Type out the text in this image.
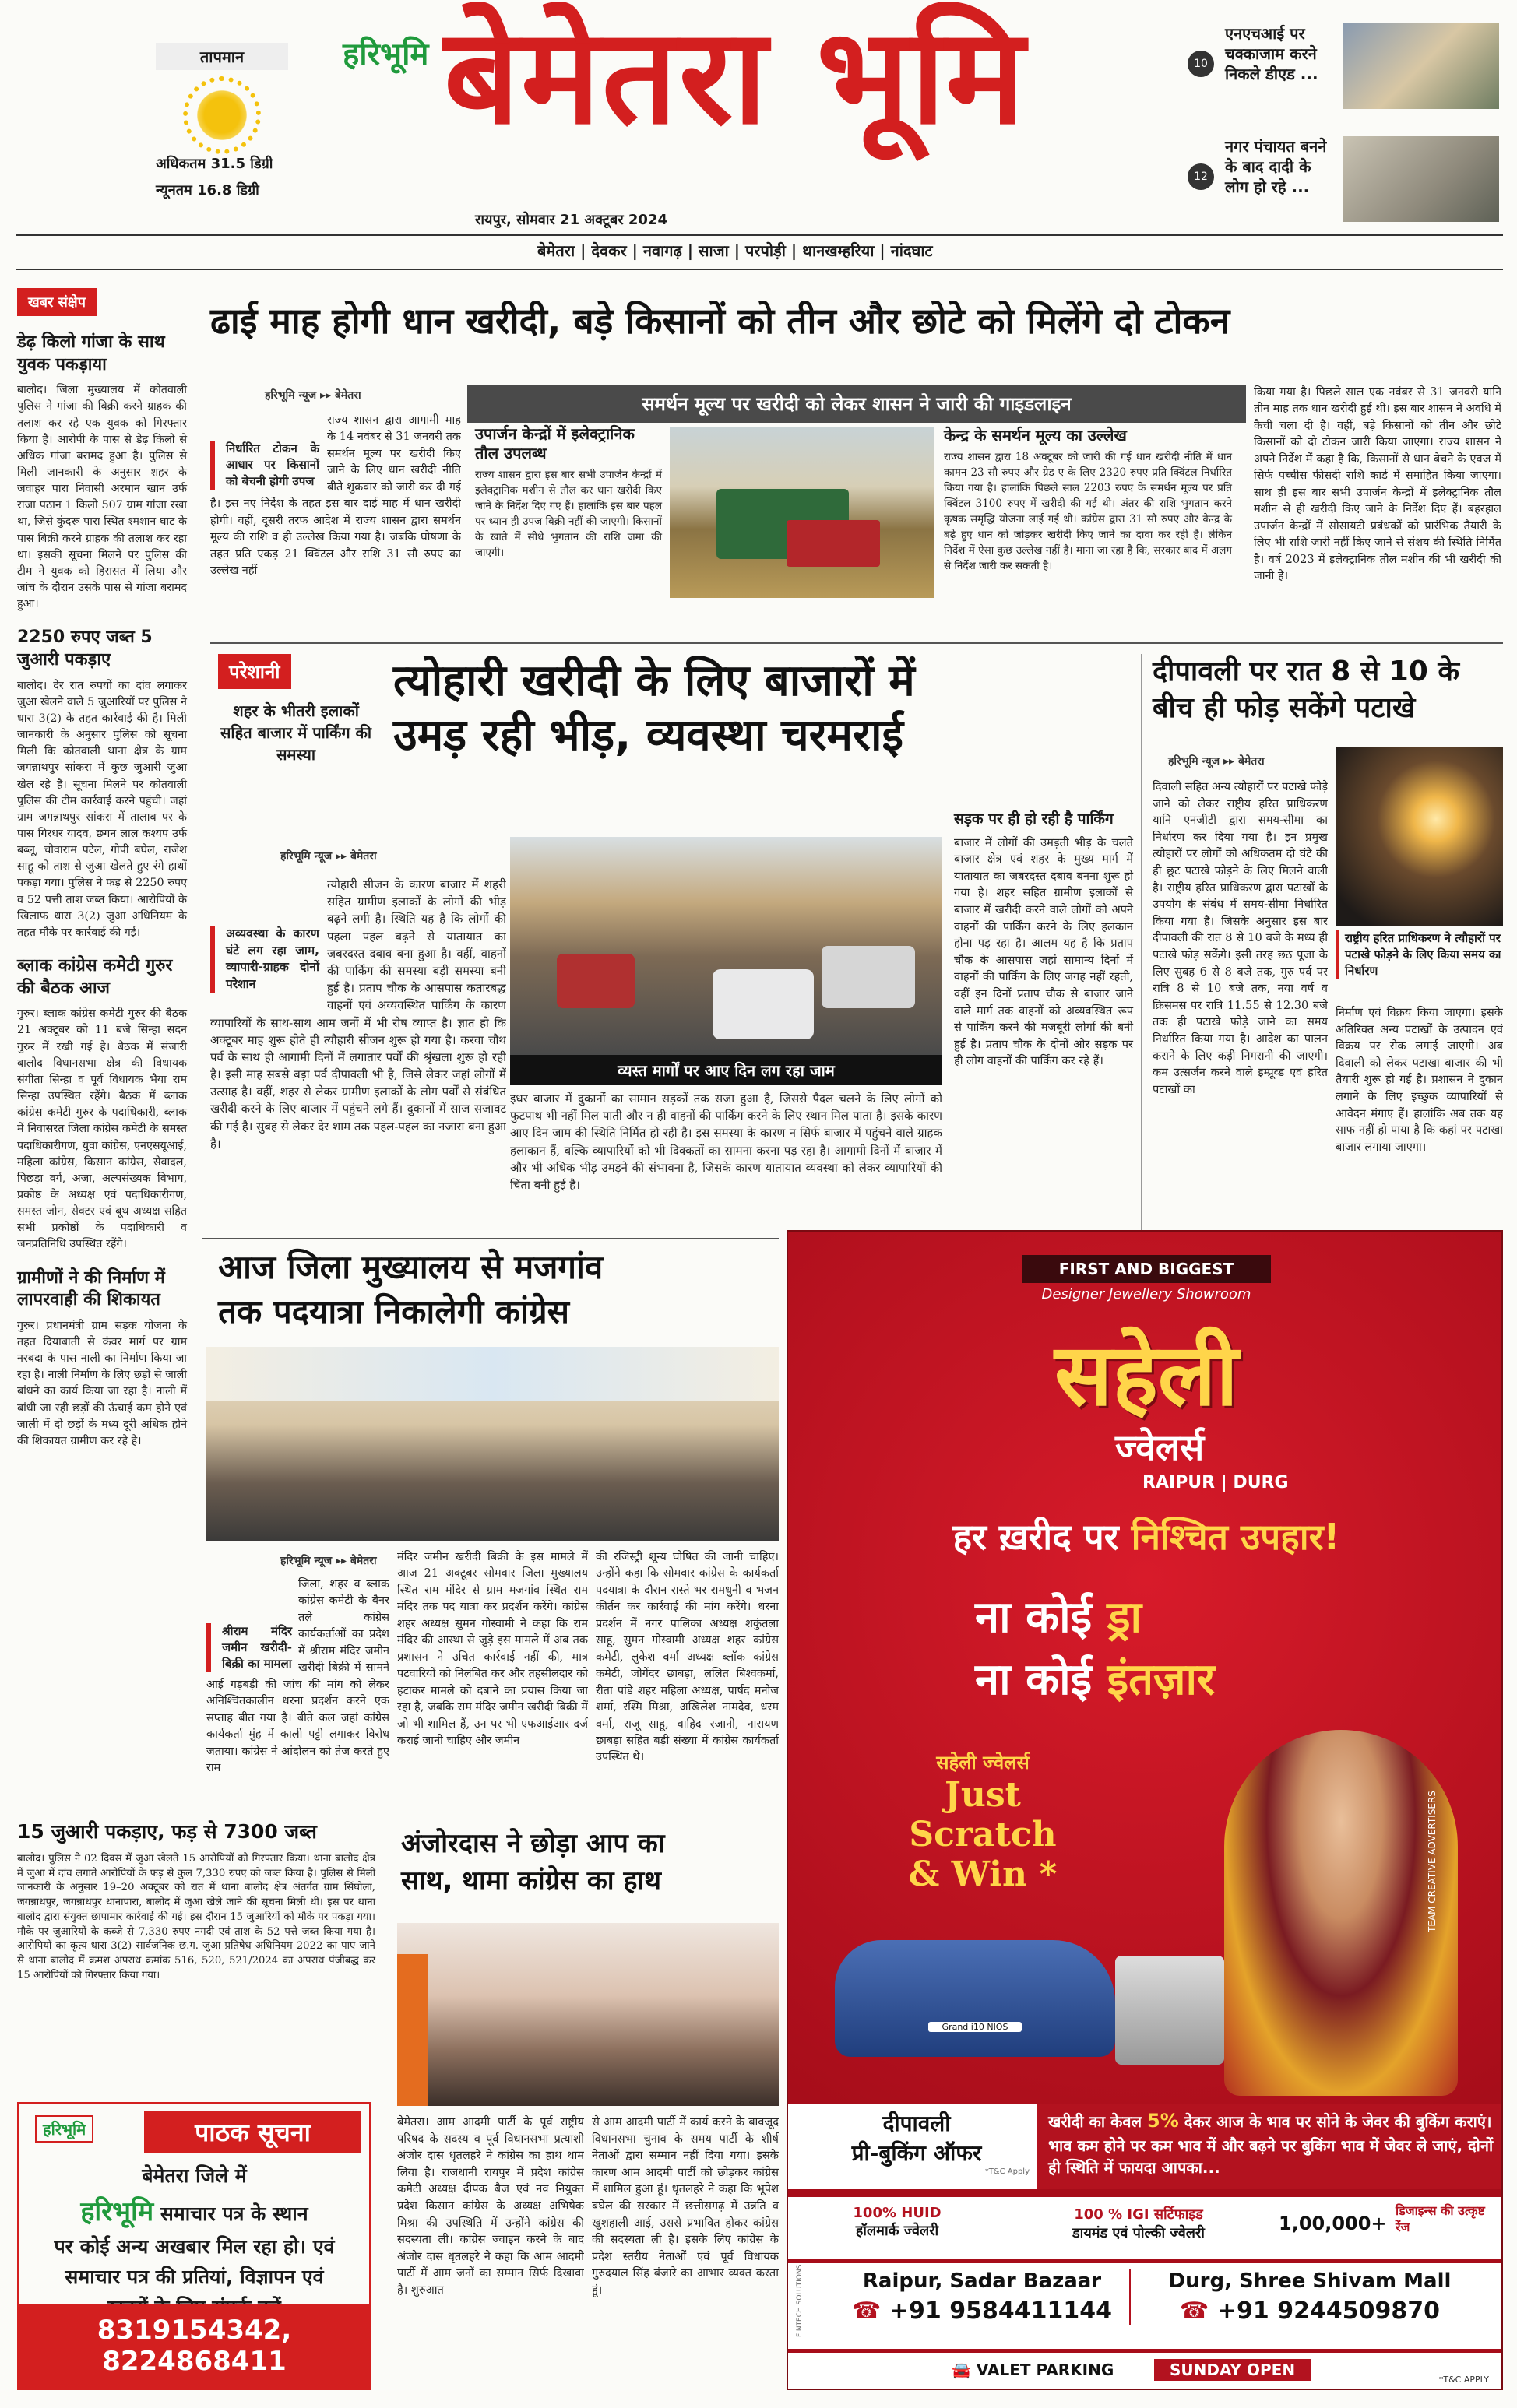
तापमान
अधिकतम 31.5 डिग्री
न्यूनतम 16.8 डिग्री
हरिभूमि बेमेतरा भूमि
रायपुर, सोमवार 21 अक्टूबर 2024
बेमेतरा | देवकर | नवागढ़ | साजा | परपोड़ी | थानखम्हरिया | नांदघाट
10
एनएचआई पर चक्काजाम करने निकले डीएड ...
12
नगर पंचायत बनने के बाद दादी के लोग हो रहे ...
खबर संक्षेप
डेढ़ किलो गांजा के साथ युवक पकड़ाया
बालोद। जिला मुख्यालय में कोतवाली पुलिस ने गांजा की बिक्री करने ग्राहक की तलाश कर रहे एक युवक को गिरफ्तार किया है। आरोपी के पास से डेढ़ किलो से अधिक गांजा बरामद हुआ है। पुलिस से मिली जानकारी के अनुसार शहर के जवाहर पारा निवासी अरमान खान उर्फ राजा पठान 1 किलो 507 ग्राम गांजा रखा था, जिसे कुंदरू पारा स्थित श्मशान घाट के पास बिक्री करने ग्राहक की तलाश कर रहा था। इसकी सूचना मिलने पर पुलिस की टीम ने युवक को हिरासत में लिया और जांच के दौरान उसके पास से गांजा बरामद हुआ।
2250 रुपए जब्त 5 जुआरी पकड़ाए
बालोद। देर रात रुपयों का दांव लगाकर जुआ खेलने वाले 5 जुआरियों पर पुलिस ने धारा 3(2) के तहत कार्रवाई की है। मिली जानकारी के अनुसार पुलिस को सूचना मिली कि कोतवाली थाना क्षेत्र के ग्राम जगन्नाथपुर सांकरा में कुछ जुआरी जुआ खेल रहे है। सूचना मिलने पर कोतवाली पुलिस की टीम कार्रवाई करने पहुंची। जहां ग्राम जगन्नाथपुर सांकरा में तालाब पर के पास गिरधर यादव, छगन लाल कश्यप उर्फ बब्लू, चोवाराम पटेल, गोपी बघेल, राजेश साहू को ताश से जुआ खेलते हुए रंगे हाथों पकड़ा गया। पुलिस ने फड़ से 2250 रुपए व 52 पत्ती ताश जब्त किया। आरोपियों के खिलाफ धारा 3(2) जुआ अधिनियम के तहत मौके पर कार्रवाई की गई।
ब्लाक कांग्रेस कमेटी गुरुर की बैठक आज
गुरुर। ब्लाक कांग्रेस कमेटी गुरुर की बैठक 21 अक्टूबर को 11 बजे सिन्हा सदन गुरुर में रखी गई है। बैठक में संजारी बालोद विधानसभा क्षेत्र की विधायक संगीता सिन्हा व पूर्व विधायक भैया राम सिन्हा उपस्थित रहेंगे। बैठक में ब्लाक कांग्रेस कमेटी गुरुर के पदाधिकारी, ब्लाक में निवासरत जिला कांग्रेस कमेटी के समस्त पदाधिकारीगण, युवा कांग्रेस, एनएसयूआई, महिला कांग्रेस, किसान कांग्रेस, सेवादल, पिछड़ा वर्ग, अजा, अल्पसंख्यक विभाग, प्रकोष्ठ के अध्यक्ष एवं पदाधिकारीगण, समस्त जोन, सेक्टर एवं बूथ अध्यक्ष सहित सभी प्रकोष्ठों के पदाधिकारी व जनप्रतिनिधि उपस्थित रहेंगे।
ग्रामीणों ने की निर्माण में लापरवाही की शिकायत
गुरुर। प्रधानमंत्री ग्राम सड़क योजना के तहत दियाबाती से कंवर मार्ग पर ग्राम नरबदा के पास नाली का निर्माण किया जा रहा है। नाली निर्माण के लिए छड़ों से जाली बांधने का कार्य किया जा रहा है। नाली में बांधी जा रही छड़ों की ऊंचाई कम होने एवं जाली में दो छड़ों के मध्य दूरी अधिक होने की शिकायत ग्रामीण कर रहे है।
ढाई माह होगी धान खरीदी, बड़े किसानों को तीन और छोटे को मिलेंगे दो टोकन
समर्थन मूल्य पर खरीदी को लेकर शासन ने जारी की गाइडलाइन
हरिभूमि न्यूज ▸▸ बेमेतरा
निर्धारित टोकन के आधार पर किसानों को बेचनी होगी उपज
राज्य शासन द्वारा आगामी माह के 14 नवंबर से 31 जनवरी तक समर्थन मूल्य पर खरीदी किए जाने के लिए धान खरीदी नीति बीते शुक्रवार को जारी कर दी गई है। इस नए निर्देश के तहत इस बार दाई माह में धान खरीदी होगी। वहीं, दूसरी तरफ आदेश में राज्य शासन द्वारा समर्थन मूल्य की राशि व ही उल्लेख किया गया है। जबकि घोषणा के तहत प्रति एकड़ 21 क्विंटल और राशि 31 सौ रुपए का उल्लेख नहीं
उपार्जन केन्द्रों में इलेक्ट्रानिक तौल उपलब्ध
राज्य शासन द्वारा इस बार सभी उपार्जन केन्द्रों में इलेक्ट्रानिक मशीन से तौल कर धान खरीदी किए जाने के निर्देश दिए गए हैं। हालांकि इस बार पहल पर ध्यान ही उपज बिक्री नहीं की जाएगी। किसानों के खाते में सीधे भुगतान की राशि जमा की जाएगी।
केन्द्र के समर्थन मूल्य का उल्लेख
राज्य शासन द्वारा 18 अक्टूबर को जारी की गई धान खरीदी नीति में धान कामन 23 सौ रुपए और ग्रेड ए के लिए 2320 रुपए प्रति क्विंटल निर्धारित किया गया है। हालांकि पिछले साल 2203 रुपए के समर्थन मूल्य पर प्रति क्विंटल 3100 रुपए में खरीदी की गई थी। अंतर की राशि भुगतान करने कृषक समृद्धि योजना लाई गई थी। कांग्रेस द्वारा 31 सौ रुपए और केन्द्र के बढ़े हुए धान को जोड़कर खरीदी किए जाने का दावा कर रही है। लेकिन निर्देश में ऐसा कुछ उल्लेख नहीं है। माना जा रहा है कि, सरकार बाद में अलग से निर्देश जारी कर सकती है।
किया गया है। पिछले साल एक नवंबर से 31 जनवरी यानि तीन माह तक धान खरीदी हुई थी। इस बार शासन ने अवधि में कैची चला दी है। वहीं, बड़े किसानों को तीन और छोटे किसानों को दो टोकन जारी किया जाएगा। राज्य शासन ने अपने निर्देश में कहा है कि, किसानों से धान बेचने के एवज में सिर्फ पच्चीस फीसदी राशि कार्ड में समाहित किया जाएगा। साथ ही इस बार सभी उपार्जन केन्द्रों में इलेक्ट्रानिक तौल मशीन से ही खरीदी किए जाने के निर्देश दिए हैं। बहरहाल उपार्जन केन्द्रों में सोसायटी प्रबंधकों को प्रारंभिक तैयारी के लिए भी राशि जारी नहीं किए जाने से संशय की स्थिति निर्मित है। वर्ष 2023 में इलेक्ट्रानिक तौल मशीन की भी खरीदी की जानी है।
परेशानी
शहर के भीतरी इलाकों सहित बाजार में पार्किंग की समस्या
त्योहारी खरीदी के लिए बाजारों में
उमड़ रही भीड़, व्यवस्था चरमराई
हरिभूमि न्यूज ▸▸ बेमेतरा
अव्यवस्था के कारण घंटे लग रहा जाम, व्यापारी-ग्राहक दोनों परेशान
त्योहारी सीजन के कारण बाजार में शहरी सहित ग्रामीण इलाकों के लोगों की भीड़ बढ़ने लगी है। स्थिति यह है कि लोगों की पहला पहल बढ़ने से यातायात का जबरदस्त दबाव बना हुआ है। वहीं, वाहनों की पार्किंग की समस्या बड़ी समस्या बनी हुई है। प्रताप चौक के आसपास कतारबद्ध वाहनों एवं अव्यवस्थित पार्किंग के कारण व्यापारियों के साथ-साथ आम जनों में भी रोष व्याप्त है। ज्ञात हो कि अक्टूबर माह शुरू होते ही त्यौहारी सीजन शुरू हो गया है। करवा चौथ पर्व के साथ ही आगामी दिनों में लगातार पर्वों की श्रृंखला शुरू हो रही है। इसी माह सबसे बड़ा पर्व दीपावली भी है, जिसे लेकर जहां लोगों में उत्साह है। वहीं, शहर से लेकर ग्रामीण इलाकों के लोग पर्वों से संबंधित खरीदी करने के लिए बाजार में पहुंचने लगे हैं। दुकानों में साज सजावट की गई है। सुबह से लेकर देर शाम तक पहल-पहल का नजारा बना हुआ है।
व्यस्त मार्गों पर आए दिन लग रहा जाम
इधर बाजार में दुकानों का सामान सड़कों तक सजा हुआ है, जिससे पैदल चलने के लिए लोगों को फुटपाथ भी नहीं मिल पाती और न ही वाहनों की पार्किंग करने के लिए स्थान मिल पाता है। इसके कारण आए दिन जाम की स्थिति निर्मित हो रही है। इस समस्या के कारण न सिर्फ बाजार में पहुंचने वाले ग्राहक हलाकान हैं, बल्कि व्यापारियों को भी दिक्कतों का सामना करना पड़ रहा है। आगामी दिनों में बाजार में और भी अधिक भीड़ उमड़ने की संभावना है, जिसके कारण यातायात व्यवस्था को लेकर व्यापारियों की चिंता बनी हुई है।
सड़क पर ही हो रही है पार्किंग
बाजार में लोगों की उमड़ती भीड़ के चलते बाजार क्षेत्र एवं शहर के मुख्य मार्ग में यातायात का जबरदस्त दबाव बनना शुरू हो गया है। शहर सहित ग्रामीण इलाकों से बाजार में खरीदी करने वाले लोगों को अपने वाहनों की पार्किंग करने के लिए हलकान होना पड़ रहा है। आलम यह है कि प्रताप चौक के आसपास जहां सामान्य दिनों में वाहनों की पार्किंग के लिए जगह नहीं रहती, वहीं इन दिनों प्रताप चौक से बाजार जाने वाले मार्ग तक वाहनों को अव्यवस्थित रूप से पार्किंग करने की मजबूरी लोगों की बनी हुई है। प्रताप चौक के दोनों ओर सड़क पर ही लोग वाहनों की पार्किंग कर रहे हैं।
दीपावली पर रात 8 से 10 के बीच ही फोड़ सकेंगे पटाखे
हरिभूमि न्यूज ▸▸ बेमेतरा
दिवाली सहित अन्य त्यौहारों पर पटाखे फोड़े जाने को लेकर राष्ट्रीय हरित प्राधिकरण यानि एनजीटी द्वारा समय-सीमा का निर्धारण कर दिया गया है। इन प्रमुख त्यौहारों पर लोगों को अधिकतम दो घंटे की ही छूट पटाखे फोड़ने के लिए मिलने वाली है। राष्ट्रीय हरित प्राधिकरण द्वारा पटाखों के उपयोग के संबंध में समय-सीमा निर्धारित किया गया है। जिसके अनुसार इस बार दीपावली की रात 8 से 10 बजे के मध्य ही पटाखे फोड़ सकेंगे। इसी तरह छठ पूजा के लिए सुबह 6 से 8 बजे तक, गुरु पर्व पर रात्रि 8 से 10 बजे तक, नया वर्ष व क्रिसमस पर रात्रि 11.55 से 12.30 बजे तक ही पटाखे फोड़े जाने का समय निर्धारित किया गया है। आदेश का पालन कराने के लिए कड़ी निगरानी की जाएगी। कम उत्सर्जन करने वाले इम्प्रूव्ड एवं हरित पटाखों का
राष्ट्रीय हरित प्राधिकरण ने त्यौहारों पर पटाखे फोड़ने के लिए किया समय का निर्धारण
निर्माण एवं विक्रय किया जाएगा। इसके अतिरिक्त अन्य पटाखों के उत्पादन एवं विक्रय पर रोक लगाई जाएगी। अब दिवाली को लेकर पटाखा बाजार की भी तैयारी शुरू हो गई है। प्रशासन ने दुकान लगाने के लिए इच्छुक व्यापारियों से आवेदन मंगाए हैं। हालांकि अब तक यह साफ नहीं हो पाया है कि कहां पर पटाखा बाजार लगाया जाएगा।
आज जिला मुख्यालय से मजगांव
तक पदयात्रा निकालेगी कांग्रेस
हरिभूमि न्यूज ▸▸ बेमेतरा
श्रीराम मंदिर जमीन खरीदी-बिक्री का मामला
जिला, शहर व ब्लाक कांग्रेस कमेटी के बैनर तले कांग्रेस कार्यकर्ताओं का प्रदेश में श्रीराम मंदिर जमीन खरीदी बिक्री में सामने आई गड़बड़ी की जांच की मांग को लेकर अनिश्चितकालीन धरना प्रदर्शन करने एक सप्ताह बीत गया है। बीते कल जहां कांग्रेस कार्यकर्ता मुंह में काली पट्टी लगाकर विरोध जताया। कांग्रेस ने आंदोलन को तेज करते हुए राम
मंदिर जमीन खरीदी बिक्री के इस मामले में आज 21 अक्टूबर सोमवार जिला मुख्यालय स्थित राम मंदिर से ग्राम मजगांव स्थित राम मंदिर तक पद यात्रा कर प्रदर्शन करेंगे। कांग्रेस शहर अध्यक्ष सुमन गोस्वामी ने कहा कि राम मंदिर की आस्था से जुड़े इस मामले में अब तक प्रशासन ने उचित कार्रवाई नहीं की, मात्र पटवारियों को निलंबित कर और तहसीलदार को हटाकर मामले को दबाने का प्रयास किया जा रहा है, जबकि राम मंदिर जमीन खरीदी बिक्री में जो भी शामिल हैं, उन पर भी एफआईआर दर्ज कराई जानी चाहिए और जमीन
की रजिस्ट्री शून्य घोषित की जानी चाहिए। उन्होंने कहा कि सोमवार कांग्रेस के कार्यकर्ता पदयात्रा के दौरान रास्ते भर रामधुनी व भजन कीर्तन कर कार्रवाई की मांग करेंगे। धरना प्रदर्शन में नगर पालिका अध्यक्ष शकुंतला साहू, सुमन गोस्वामी अध्यक्ष शहर कांग्रेस कमेटी, लुकेश वर्मा अध्यक्ष ब्लॉक कांग्रेस कमेटी, जोगेंदर छाबड़ा, ललित बिश्वकर्मा, रीता पांडे शहर महिला अध्यक्ष, पार्षद मनोज शर्मा, रश्मि मिश्रा, अखिलेश नामदेव, धरम वर्मा, राजू साहू, वाहिद रजानी, नारायण छाबड़ा सहित बड़ी संख्या में कांग्रेस कार्यकर्ता उपस्थित थे।
15 जुआरी पकड़ाए, फड़ से 7300 जब्त
बालोद। पुलिस ने 02 दिवस में जुआ खेलते 15 आरोपियों को गिरफ्तार किया। थाना बालोद क्षेत्र में जुआ में दांव लगाते आरोपियों के फड़ से कुल 7,330 रुपए को जब्त किया है। पुलिस से मिली जानकारी के अनुसार 19–20 अक्टूबर को रात में थाना बालोद क्षेत्र अंतर्गत ग्राम सिंघोला, जगन्नाथपुर, जगन्नाथपुर थानापारा, बालोद में जुआ खेले जाने की सूचना मिली थी। इस पर थाना बालोद द्वारा संयुक्त छापामार कार्रवाई की गई। इस दौरान 15 जुआरियों को मौके पर पकड़ा गया। मौके पर जुआरियों के कब्जे से 7,330 रुपए नगदी एवं ताश के 52 पत्ते जब्त किया गया है। आरोपियों का कृत्य धारा 3(2) सार्वजनिक छ.ग. जुआ प्रतिषेध अधिनियम 2022 का पाए जाने से थाना बालोद में क्रमश अपराध क्रमांक 516, 520, 521/2024 का अपराध पंजीबद्ध कर 15 आरोपियों को गिरफ्तार किया गया।
अंजोरदास ने छोड़ा आप का
साथ, थामा कांग्रेस का हाथ
बेमेतरा। आम आदमी पार्टी के पूर्व राष्ट्रीय परिषद के सदस्य व पूर्व विधानसभा प्रत्याशी अंजोर दास धृतलहरे ने कांग्रेस का हाथ थाम लिया है। राजधानी रायपुर में प्रदेश कांग्रेस कमेटी अध्यक्ष दीपक बैज एवं नव नियुक्त प्रदेश किसान कांग्रेस के अध्यक्ष अभिषेक मिश्रा की उपस्थिति में उन्होंने कांग्रेस की सदस्यता ली। कांग्रेस ज्वाइन करने के बाद अंजोर दास धृतलहरे ने कहा कि आम आदमी पार्टी में आम जनों का सम्मान सिर्फ दिखावा है। शुरुआत
से आम आदमी पार्टी में कार्य करने के बावजूद विधानसभा चुनाव के समय पार्टी के शीर्ष नेताओं द्वारा सम्मान नहीं दिया गया। इसके कारण आम आदमी पार्टी को छोड़कर कांग्रेस में शामिल हुआ हूं। धृतलहरे ने कहा कि भूपेश बघेल की सरकार में छत्तीसगढ़ में उन्नति व खुशहाली आई, उससे प्रभावित होकर कांग्रेस की सदस्यता ली है। इसके लिए कांग्रेस के प्रदेश स्तरीय नेताओं एवं पूर्व विधायक गुरुदयाल सिंह बंजारे का आभार व्यक्त करता हूं।
हरिभूमि	पाठक सूचना
बेमेतरा जिले में
हरिभूमि समाचार पत्र के स्थान
पर कोई अन्य अखबार मिल रहा हो। एवं
समाचार पत्र की प्रतियां, विज्ञापन एवं
8319154342, 8224868411
FIRST AND BIGGEST
Designer Jewellery Showroom
सहेली
ज्वेलर्स
RAIPUR | DURG
हर ख़रीद पर निश्चित उपहार!
ना कोई ड्रा
ना कोई इंतज़ार
TEAM CREATIVE ADVERTISERS
सहेली ज्वेलर्स
Just
Scratch
& Win *
Grand i10 NIOS
दीपावली
प्री-बुकिंग ऑफर
*T&C Apply
खरीदी का केवल 5% देकर आज के भाव पर सोने के जेवर की बुकिंग कराएं। भाव कम होने पर कम भाव में और बढ़ने पर बुकिंग भाव में जेवर ले जाएं, दोनों ही स्थिति में फायदा आपका...
100% HUID
हॉलमार्क ज्वेलरी
100 % IGI सर्टिफाइड
डायमंड एवं पोल्की ज्वेलरी	1,00,000+
डिजाइन्स की उत्कृष्ट रेंज
Raipur, Sadar Bazaar
☎ +91 9584411144
Durg, Shree Shivam Mall
☎ +91 9244509870
FINTECH SOLUTIONS
🚘 VALET PARKING	SUNDAY OPEN
*T&C APPLY
